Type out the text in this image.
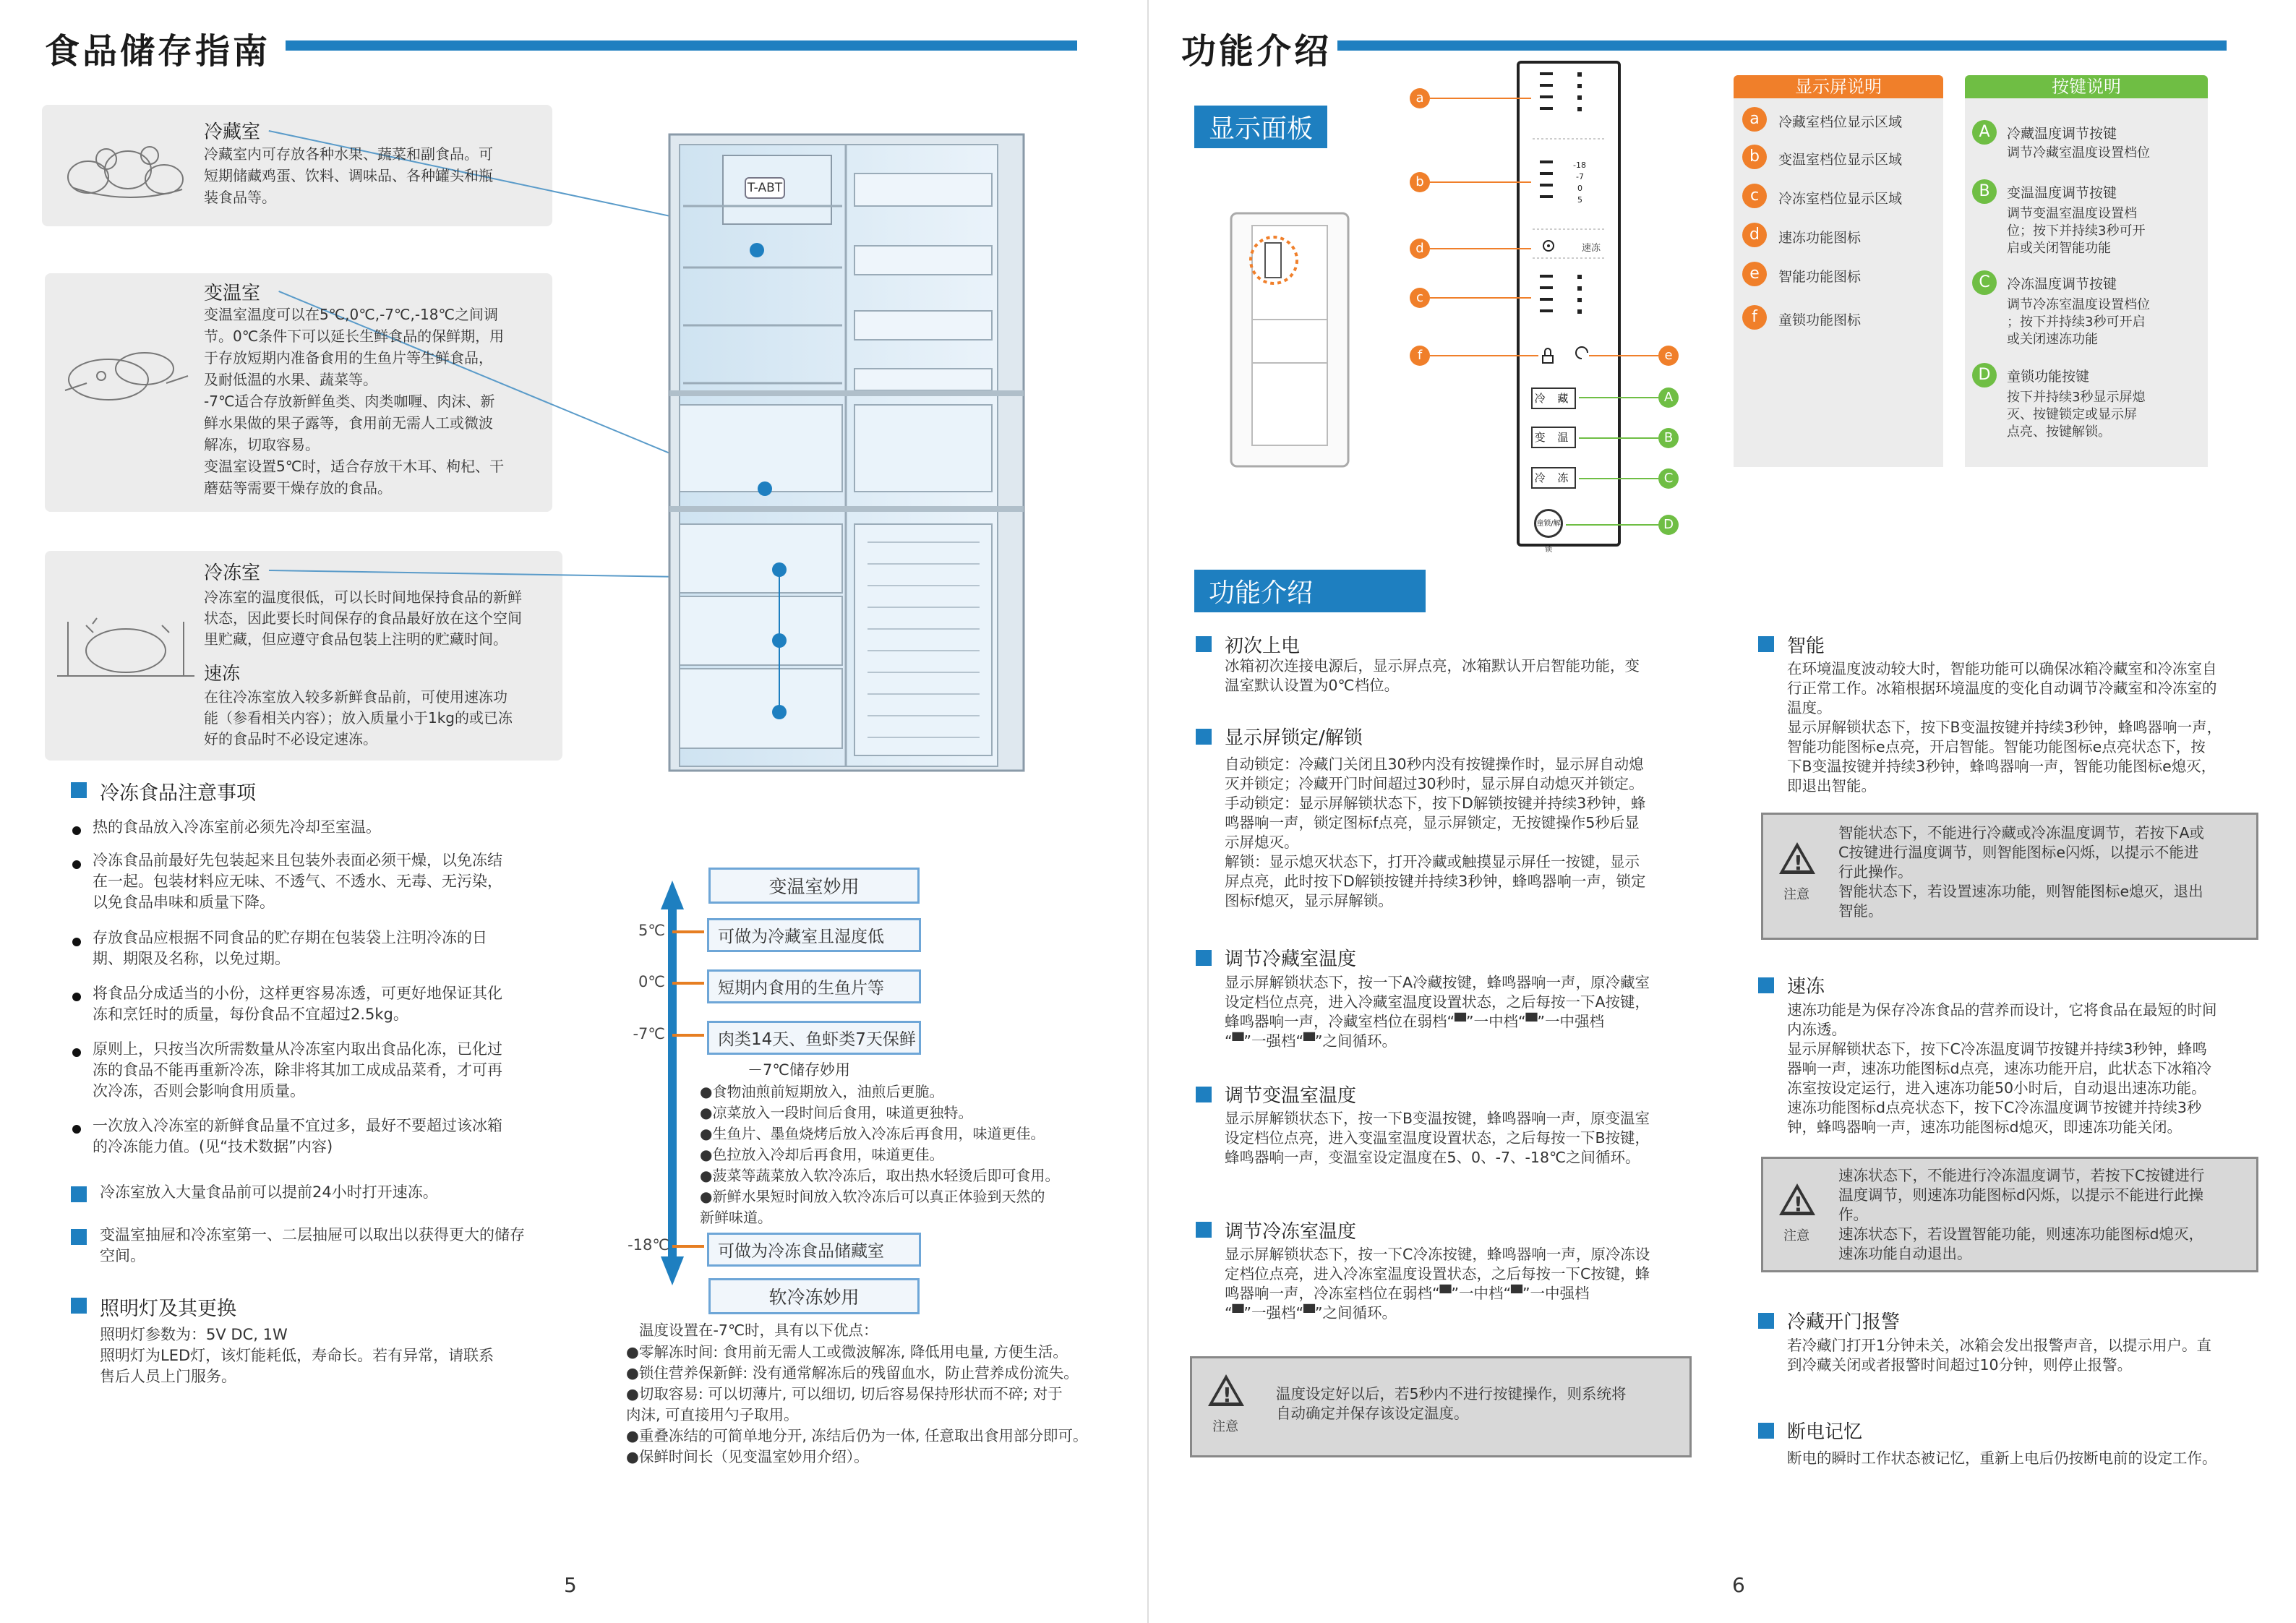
食品储存指南
冷藏室
冷藏室内可存放各种水果、蔬菜和副食品。可
短期储藏鸡蛋、饮料、调味品、各种罐头和瓶
装食品等。
变温室
变温室温度可以在5℃,0℃,-7℃,-18℃之间调
节。0℃条件下可以延长生鲜食品的保鲜期，用
于存放短期内准备食用的生鱼片等生鲜食品，
及耐低温的水果、蔬菜等。
-7℃适合存放新鲜鱼类、肉类咖喱、肉沫、新
鲜水果做的果子露等，食用前无需人工或微波
解冻，切取容易。
变温室设置5℃时，适合存放干木耳、枸杞、干
蘑菇等需要干燥存放的食品。
冷冻室
冷冻室的温度很低，可以长时间地保持食品的新鲜
状态，因此要长时间保存的食品最好放在这个空间
里贮藏，但应遵守食品包装上注明的贮藏时间。
速冻
在往冷冻室放入较多新鲜食品前，可使用速冻功
能（参看相关内容）；放入质量小于1kg的或已冻
好的食品时不必设定速冻。
T-ABT
冷冻食品注意事项
热的食品放入冷冻室前必须先冷却至室温。
冷冻食品前最好先包装起来且包装外表面必须干燥，以免冻结
在一起。包装材料应无味、不透气、不透水、无毒、无污染，
以免食品串味和质量下降。
存放食品应根据不同食品的贮存期在包装袋上注明冷冻的日
期、期限及名称，以免过期。
将食品分成适当的小份，这样更容易冻透，可更好地保证其化
冻和烹饪时的质量，每份食品不宜超过2.5kg。
原则上，只按当次所需数量从冷冻室内取出食品化冻，已化过
冻的食品不能再重新冷冻，除非将其加工成成品菜肴，才可再
次冷冻，否则会影响食用质量。
一次放入冷冻室的新鲜食品量不宜过多，最好不要超过该冰箱
的冷冻能力值。(见“技术数据”内容)
冷冻室放入大量食品前可以提前24小时打开速冻。
变温室抽屉和冷冻室第一、二层抽屉可以取出以获得更大的储存
空间。
照明灯及其更换
照明灯参数为：5V DC, 1W
照明灯为LED灯，该灯能耗低，寿命长。若有异常，请联系
售后人员上门服务。
变温室妙用
5℃	可做为冷藏室且湿度低
0℃	短期内食用的生鱼片等
-7℃	肉类14天、鱼虾类7天保鲜
－7℃储存妙用
●食物油煎前短期放入，油煎后更脆。
●凉菜放入一段时间后食用，味道更独特。
●生鱼片、墨鱼烧烤后放入冷冻后再食用，味道更佳。
●色拉放入冷却后再食用，味道更佳。
●菠菜等蔬菜放入软冷冻后，取出热水轻烫后即可食用。
●新鲜水果短时间放入软冷冻后可以真正体验到天然的
新鲜味道。
-18℃	可做为冷冻食品储藏室
软冷冻妙用
温度设置在-7℃时，具有以下优点：
●零解冻时间: 食用前无需人工或微波解冻, 降低用电量, 方便生活。
●锁住营养保新鲜: 没有通常解冻后的残留血水，防止营养成份流失。
●切取容易: 可以切薄片, 可以细切, 切后容易保持形状而不碎; 对于
肉沫, 可直接用勺子取用。
●重叠冻结的可简单地分开, 冻结后仍为一体, 任意取出食用部分即可。
●保鲜时间长（见变温室妙用介绍）。
5
功能介绍
显示面板
-18
-7
0
5
速冻
冷 藏
变 温
冷 冻
童锁/解锁
a
b
d
c
f	e
A
B
C
D
显示屏说明
a	冷藏室档位显示区域
b	变温室档位显示区域
c	冷冻室档位显示区域
d	速冻功能图标
e	智能功能图标
f	童锁功能图标
按键说明
A	冷藏温度调节按键
调节冷藏室温度设置档位
B	变温温度调节按键
调节变温室温度设置档
位；按下并持续3秒可开
启或关闭智能功能
C	冷冻温度调节按键
调节冷冻室温度设置档位
；按下并持续3秒可开启
或关闭速冻功能
D	童锁功能按键
按下并持续3秒显示屏熄
灭、按键锁定或显示屏
点亮、按键解锁。
功能介绍
初次上电
冰箱初次连接电源后，显示屏点亮，冰箱默认开启智能功能，变
温室默认设置为0℃档位。
显示屏锁定/解锁
自动锁定：冷藏门关闭且30秒内没有按键操作时，显示屏自动熄
灭并锁定；冷藏开门时间超过30秒时，显示屏自动熄灭并锁定。
手动锁定：显示屏解锁状态下，按下D解锁按键并持续3秒钟，蜂
鸣器响一声，锁定图标f点亮，显示屏锁定，无按键操作5秒后显
示屏熄灭。
解锁：显示熄灭状态下，打开冷藏或触摸显示屏任一按键，显示
屏点亮，此时按下D解锁按键并持续3秒钟，蜂鸣器响一声，锁定
图标f熄灭，显示屏解锁。
调节冷藏室温度
显示屏解锁状态下，按一下A冷藏按键，蜂鸣器响一声，原冷藏室
设定档位点亮，进入冷藏室温度设置状态，之后每按一下A按键，
蜂鸣器响一声，冷藏室档位在弱档“▀”一中档“▀”一中强档
“▀”一强档“▀”之间循环。
调节变温室温度
显示屏解锁状态下，按一下B变温按键，蜂鸣器响一声，原变温室
设定档位点亮，进入变温室温度设置状态，之后每按一下B按键，
蜂鸣器响一声，变温室设定温度在5、0、-7、-18℃之间循环。
调节冷冻室温度
显示屏解锁状态下，按一下C冷冻按键，蜂鸣器响一声，原冷冻设
定档位点亮，进入冷冻室温度设置状态，之后每按一下C按键，蜂
鸣器响一声，冷冻室档位在弱档“▀”一中档“▀”一中强档
“▀”一强档“▀”之间循环。
!
注意
温度设定好以后，若5秒内不进行按键操作，则系统将
自动确定并保存该设定温度。
智能
在环境温度波动较大时，智能功能可以确保冰箱冷藏室和冷冻室自
行正常工作。冰箱根据环境温度的变化自动调节冷藏室和冷冻室的
温度。
显示屏解锁状态下，按下B变温按键并持续3秒钟，蜂鸣器响一声，
智能功能图标e点亮，开启智能。智能功能图标e点亮状态下，按
下B变温按键并持续3秒钟，蜂鸣器响一声，智能功能图标e熄灭，
即退出智能。
!
注意
智能状态下，不能进行冷藏或冷冻温度调节，若按下A或
C按键进行温度调节，则智能图标e闪烁，以提示不能进
行此操作。
智能状态下，若设置速冻功能，则智能图标e熄灭，退出
智能。
速冻
速冻功能是为保存冷冻食品的营养而设计，它将食品在最短的时间
内冻透。
显示屏解锁状态下，按下C冷冻温度调节按键并持续3秒钟，蜂鸣
器响一声，速冻功能图标d点亮，速冻功能开启，此状态下冰箱冷
冻室按设定运行，进入速冻功能50小时后，自动退出速冻功能。
速冻功能图标d点亮状态下，按下C冷冻温度调节按键并持续3秒
钟，蜂鸣器响一声，速冻功能图标d熄灭，即速冻功能关闭。
!
注意
速冻状态下，不能进行冷冻温度调节，若按下C按键进行
温度调节，则速冻功能图标d闪烁，以提示不能进行此操
作。
速冻状态下，若设置智能功能，则速冻功能图标d熄灭，
速冻功能自动退出。
冷藏开门报警
若冷藏门打开1分钟未关，冰箱会发出报警声音，以提示用户。直
到冷藏关闭或者报警时间超过10分钟，则停止报警。
断电记忆
断电的瞬时工作状态被记忆，重新上电后仍按断电前的设定工作。
6
